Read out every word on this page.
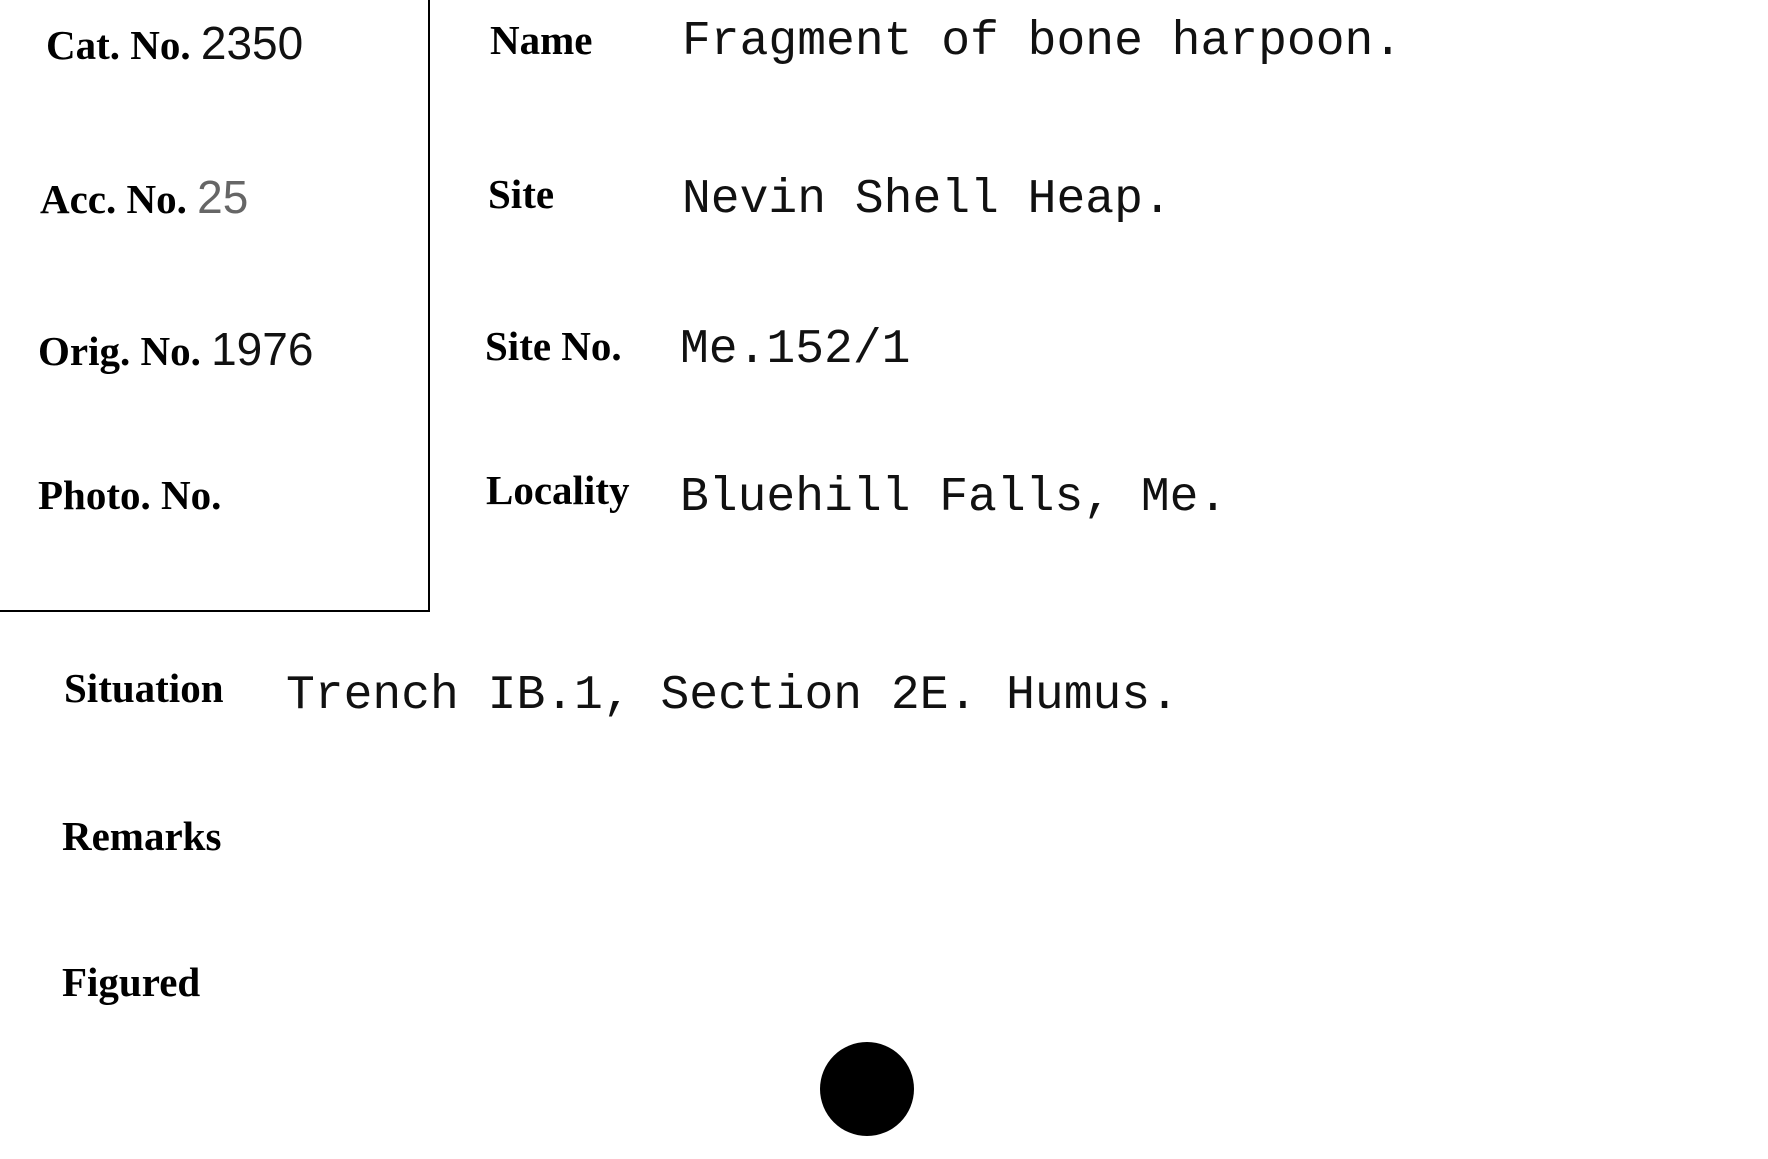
Cat. No. 2350
Acc. No. 25
Orig. No. 1976
Photo. No.
Name Fragment of bone harpoon.
Site	Nevin Shell Heap.
Site No. Me.152/1
Locality Bluehill Falls, Me.
Situation Trench IB.1, Section 2E. Humus.
Remarks
Figured
